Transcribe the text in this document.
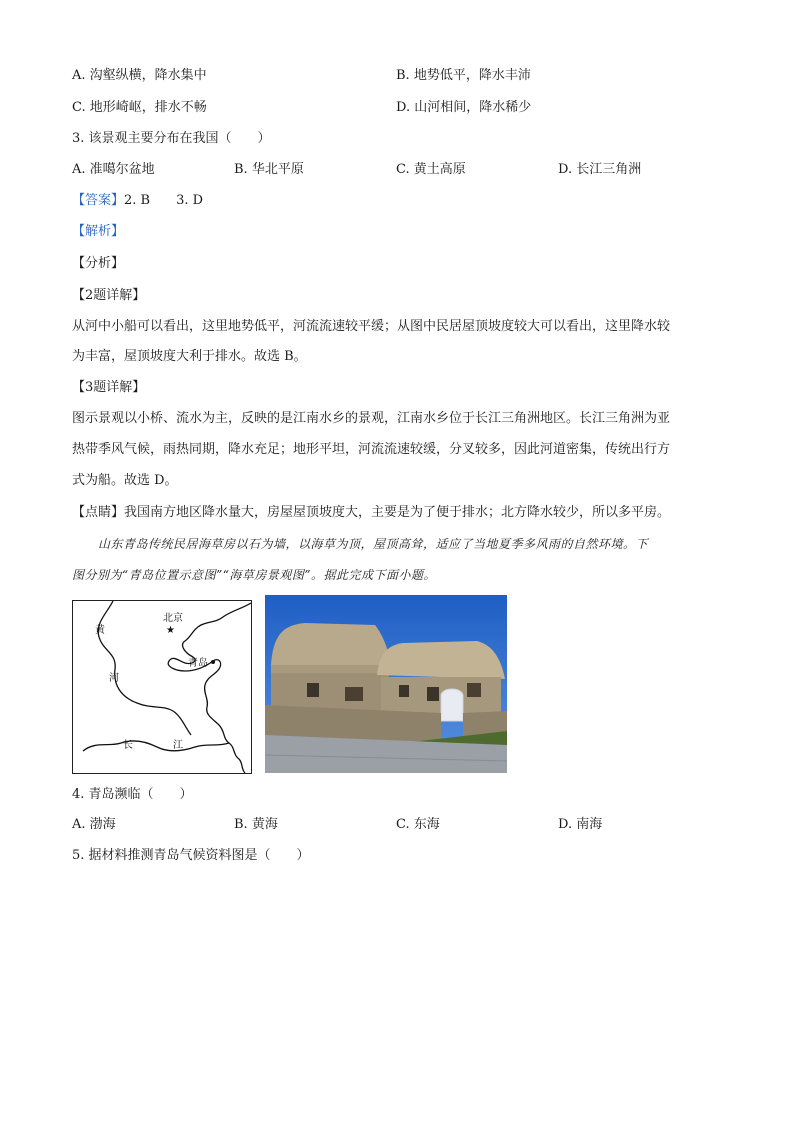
A. 沟壑纵横，降水集中	B. 地势低平，降水丰沛
C. 地形崎岖，排水不畅	D. 山河相间，降水稀少
3. 该景观主要分布在我国（　　）
A. 准噶尔盆地	B. 华北平原	C. 黄土高原	D. 长江三角洲
【答案】2. B　　3. D
【解析】
【分析】
【2题详解】
从河中小船可以看出，这里地势低平，河流流速较平缓；从图中民居屋顶坡度较大可以看出，这里降水较
为丰富，屋顶坡度大利于排水。故选 B。
【3题详解】
图示景观以小桥、流水为主，反映的是江南水乡的景观，江南水乡位于长江三角洲地区。长江三角洲为亚
热带季风气候，雨热同期，降水充足；地形平坦，河流流速较缓，分叉较多，因此河道密集，传统出行方
式为船。故选 D。
【点睛】我国南方地区降水量大，房屋屋顶坡度大，主要是为了便于排水；北方降水较少，所以多平房。
山东青岛传统民居海草房以石为墙，以海草为顶，屋顶高耸，适应了当地夏季多风雨的自然环境。下
图分别为“青岛位置示意图”“海草房景观图”。据此完成下面小题。
★
北京
青岛
黄
河
长	江
4. 青岛濒临（　　）
A. 渤海	B. 黄海	C. 东海	D. 南海
5. 据材料推测青岛气候资料图是（　　）
